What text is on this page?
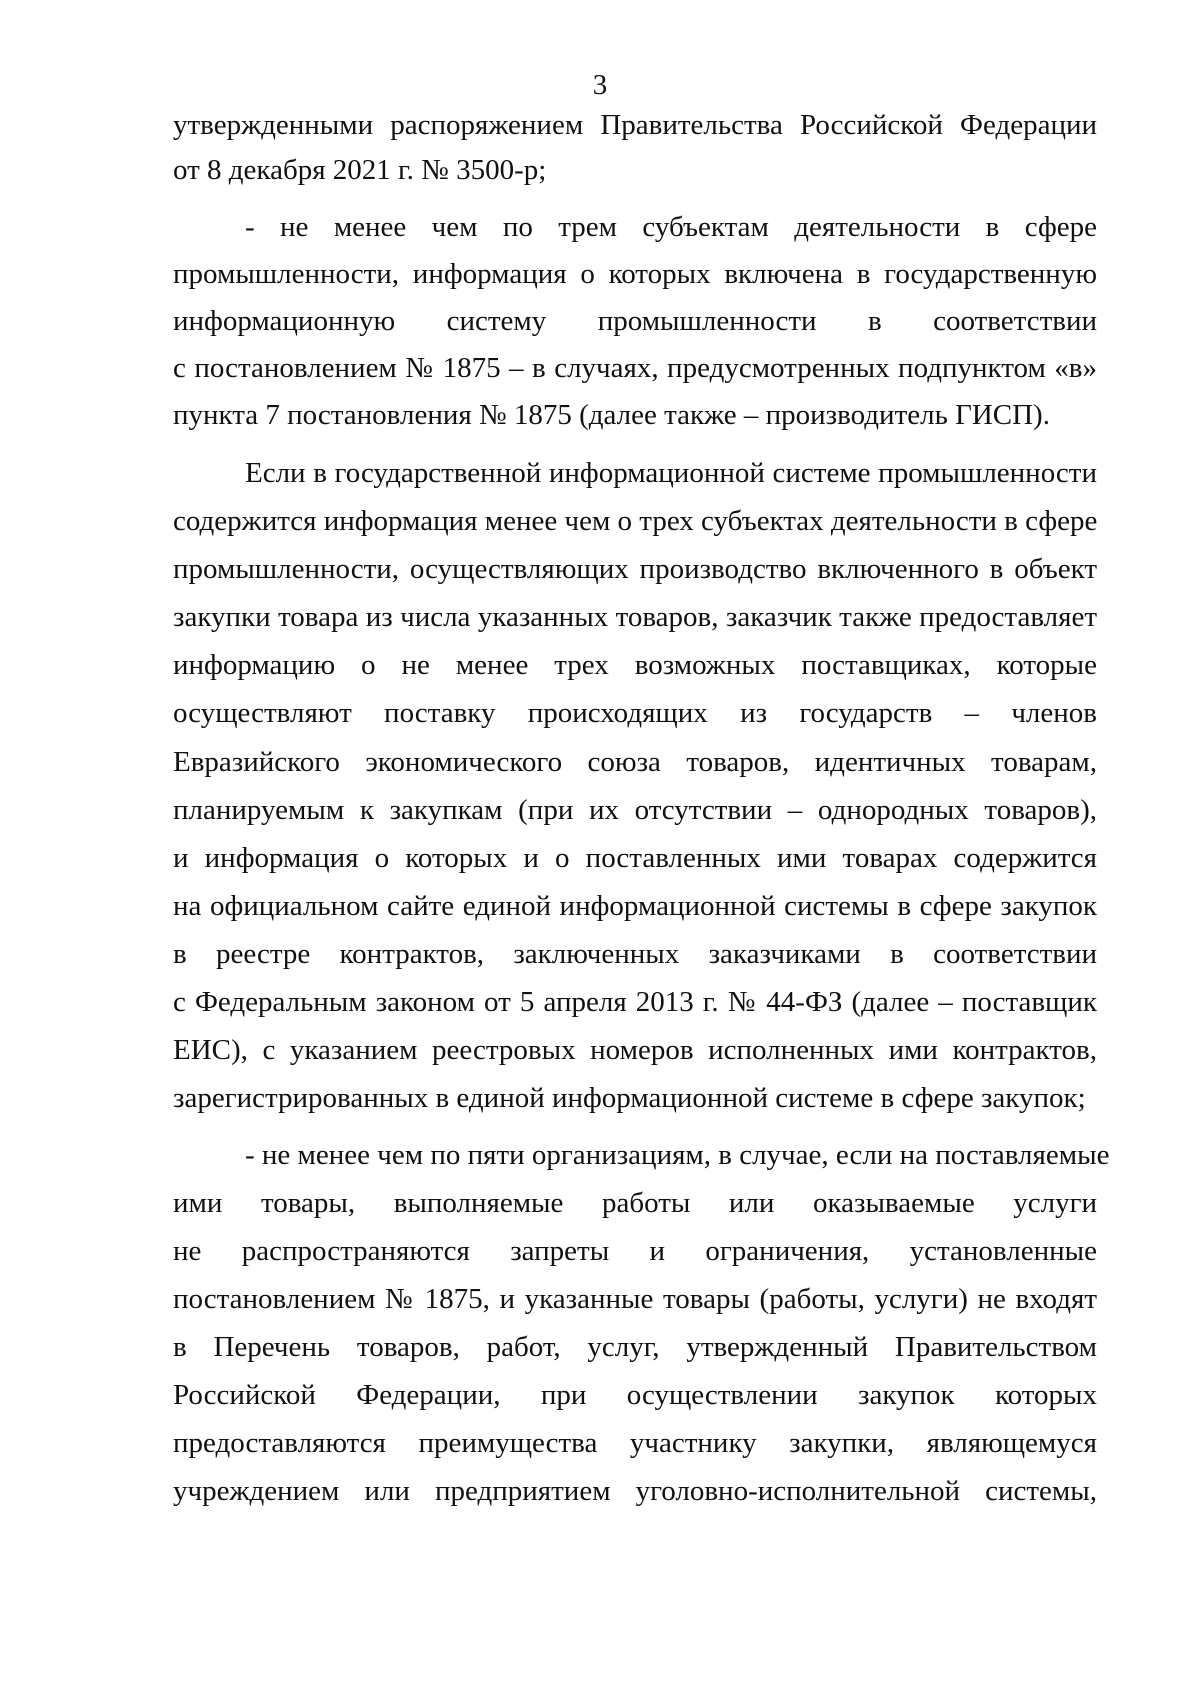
3
утвержденными распоряжением Правительства Российской Федерации
от 8 декабря 2021 г. № 3500-р;
- не менее чем по трем субъектам деятельности в сфере
промышленности, информация о которых включена в государственную
информационную систему промышленности в соответствии
с постановлением № 1875 – в случаях, предусмотренных подпунктом «в»
пункта 7 постановления № 1875 (далее также – производитель ГИСП).
Если в государственной информационной системе промышленности
содержится информация менее чем о трех субъектах деятельности в сфере
промышленности, осуществляющих производство включенного в объект
закупки товара из числа указанных товаров, заказчик также предоставляет
информацию о не менее трех возможных поставщиках, которые
осуществляют поставку происходящих из государств – членов
Евразийского экономического союза товаров, идентичных товарам,
планируемым к закупкам (при их отсутствии – однородных товаров),
и информация о которых и о поставленных ими товарах содержится
на официальном сайте единой информационной системы в сфере закупок
в реестре контрактов, заключенных заказчиками в соответствии
с Федеральным законом от 5 апреля 2013 г. № 44-ФЗ (далее – поставщик
ЕИС), с указанием реестровых номеров исполненных ими контрактов,
зарегистрированных в единой информационной системе в сфере закупок;
- не менее чем по пяти организациям, в случае, если на поставляемые
ими товары, выполняемые работы или оказываемые услуги
не распространяются запреты и ограничения, установленные
постановлением № 1875, и указанные товары (работы, услуги) не входят
в Перечень товаров, работ, услуг, утвержденный Правительством
Российской Федерации, при осуществлении закупок которых
предоставляются преимущества участнику закупки, являющемуся
учреждением или предприятием уголовно-исполнительной системы,
